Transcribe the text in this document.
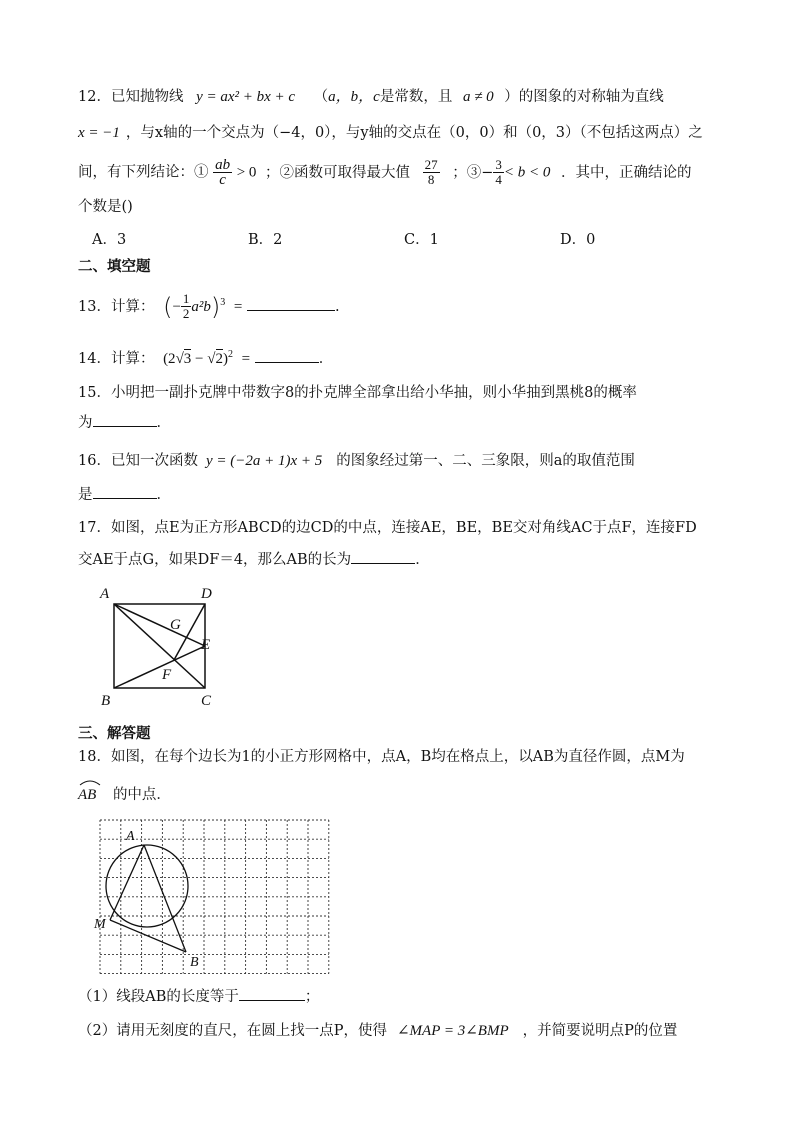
12．已知抛物线 y = ax² + bx + c （a，b，c是常数，且 a ≠ 0 ）的图象的对称轴为直线
x = −1 ，与x轴的一个交点为（−4，0），与y轴的交点在（0，0）和（0，3）（不包括这两点）之
间，有下列结论：① $\frac{ab}{c} > 0$ ；②函数可取得最大值 $\frac{27}{8}$ ；③− $\frac{3}{4} < b < 0$ ．其中，正确结论的
个数是()
A．3	B．2	C．1	D．0
二、填空题
13．计算： (− $\frac{1}{2} a^2b)^3$ =	.
14．计算： $(2√3 - √2)^2$ =	．
15．小明把一副扑克牌中带数字8的扑克牌全部拿出给小华抽，则小华抽到黑桃8的概率
为	．
16．已知一次函数 y = (−2a + 1)x + 5 的图象经过第一、二、三象限，则a的取值范围
是	．
17．如图，点E为正方形ABCD的边CD的中点，连接AE，BE，BE交对角线AC于点F，连接FD
交AE于点G，如果DF＝4，那么AB的长为	．
A	D
G
E
F
B	C
三、解答题
18．如图，在每个边长为1的小正方形网格中，点A，B均在格点上，以AB为直径作圆，点M为
AB 的中点．
A
B
M
（1）线段AB的长度等于	；
（2）请用无刻度的直尺，在圆上找一点P，使得 ∠MAP = 3∠BMP ，并简要说明点P的位置
